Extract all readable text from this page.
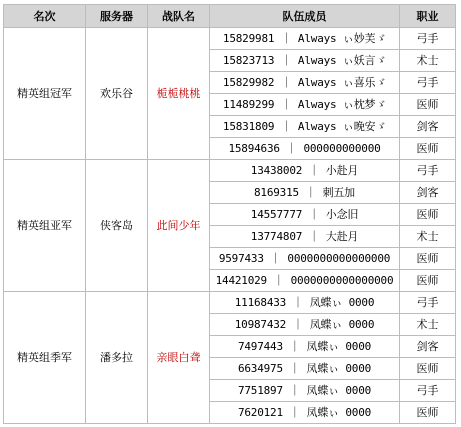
名次	服务器	战队名	队伍成员	职业
精英组冠军	欢乐谷	栀栀桃桃	15829981 ｜ Always ぃ妙芙ゞ	弓手
			15823713 ｜ Always ぃ妖言ゞ	术士
			15829982 ｜ Always ぃ喜乐ゞ	弓手
			11489299 ｜ Always ぃ枕梦ゞ	医师
			15831809 ｜ Always ぃ晚安ゞ	剑客
			15894636 ｜ 000000000000	医师
精英组亚军	侠客岛	此间少年	13438002 ｜ 小赴月	弓手
			8169315 ｜ 刺五加	剑客
			14557777 ｜ 小念旧	医师
			13774807 ｜ 大赴月	术士
			9597433 ｜ 0000000000000000	医师
			14421029 ｜ 0000000000000000	医师
精英组季军	潘多拉	亲眼白聋	11168433 ｜ 凤蝶ぃ 0000	弓手
			10987432 ｜ 凤蝶ぃ 0000	术士
			7497443 ｜ 凤蝶ぃ 0000	剑客
			6634975 ｜ 凤蝶ぃ 0000	医师
			7751897 ｜ 凤蝶ぃ 0000	弓手
			7620121 ｜ 凤蝶ぃ 0000	医师
